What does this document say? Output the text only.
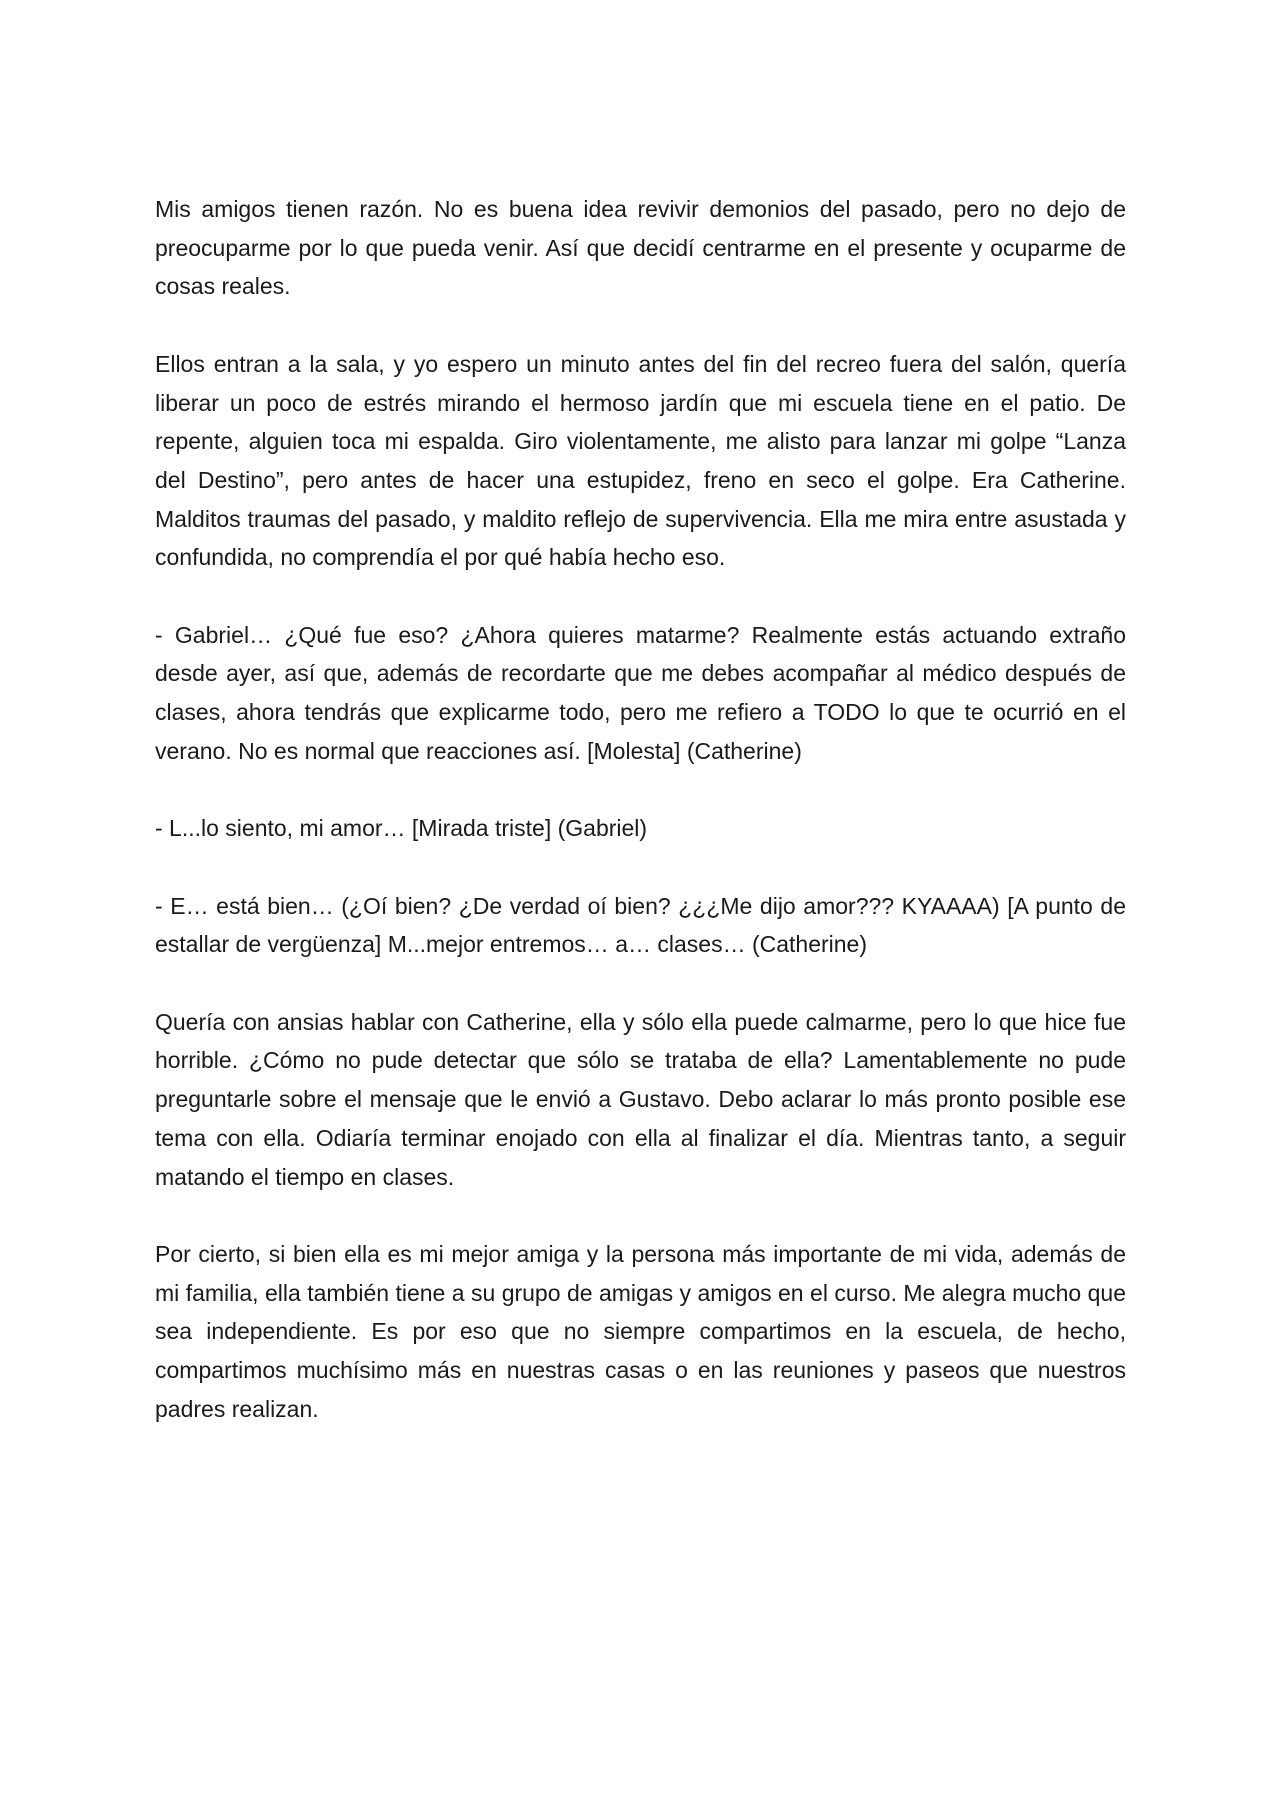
Mis amigos tienen razón. No es buena idea revivir demonios del pasado, pero no dejo de preocuparme por lo que pueda venir. Así que decidí centrarme en el presente y ocuparme de cosas reales.

Ellos entran a la sala, y yo espero un minuto antes del fin del recreo fuera del salón, quería liberar un poco de estrés mirando el hermoso jardín que mi escuela tiene en el patio. De repente, alguien toca mi espalda. Giro violentamente, me alisto para lanzar mi golpe “Lanza del Destino”, pero antes de hacer una estupidez, freno en seco el golpe. Era Catherine. Malditos traumas del pasado, y maldito reflejo de supervivencia. Ella me mira entre asustada y confundida, no comprendía el por qué había hecho eso.

- Gabriel… ¿Qué fue eso? ¿Ahora quieres matarme? Realmente estás actuando extraño desde ayer, así que, además de recordarte que me debes acompañar al médico después de clases, ahora tendrás que explicarme todo, pero me refiero a TODO lo que te ocurrió en el verano. No es normal que reacciones así. [Molesta] (Catherine)

- L...lo siento, mi amor… [Mirada triste] (Gabriel)

- E… está bien… (¿Oí bien? ¿De verdad oí bien? ¿¿¿Me dijo amor??? KYAAAA) [A punto de estallar de vergüenza] M...mejor entremos… a… clases… (Catherine)

Quería con ansias hablar con Catherine, ella y sólo ella puede calmarme, pero lo que hice fue horrible. ¿Cómo no pude detectar que sólo se trataba de ella? Lamentablemente no pude preguntarle sobre el mensaje que le envió a Gustavo. Debo aclarar lo más pronto posible ese tema con ella. Odiaría terminar enojado con ella al finalizar el día. Mientras tanto, a seguir matando el tiempo en clases.

Por cierto, si bien ella es mi mejor amiga y la persona más importante de mi vida, además de mi familia, ella también tiene a su grupo de amigas y amigos en el curso. Me alegra mucho que sea independiente. Es por eso que no siempre compartimos en la escuela, de hecho, compartimos muchísimo más en nuestras casas o en las reuniones y paseos que nuestros padres realizan.
